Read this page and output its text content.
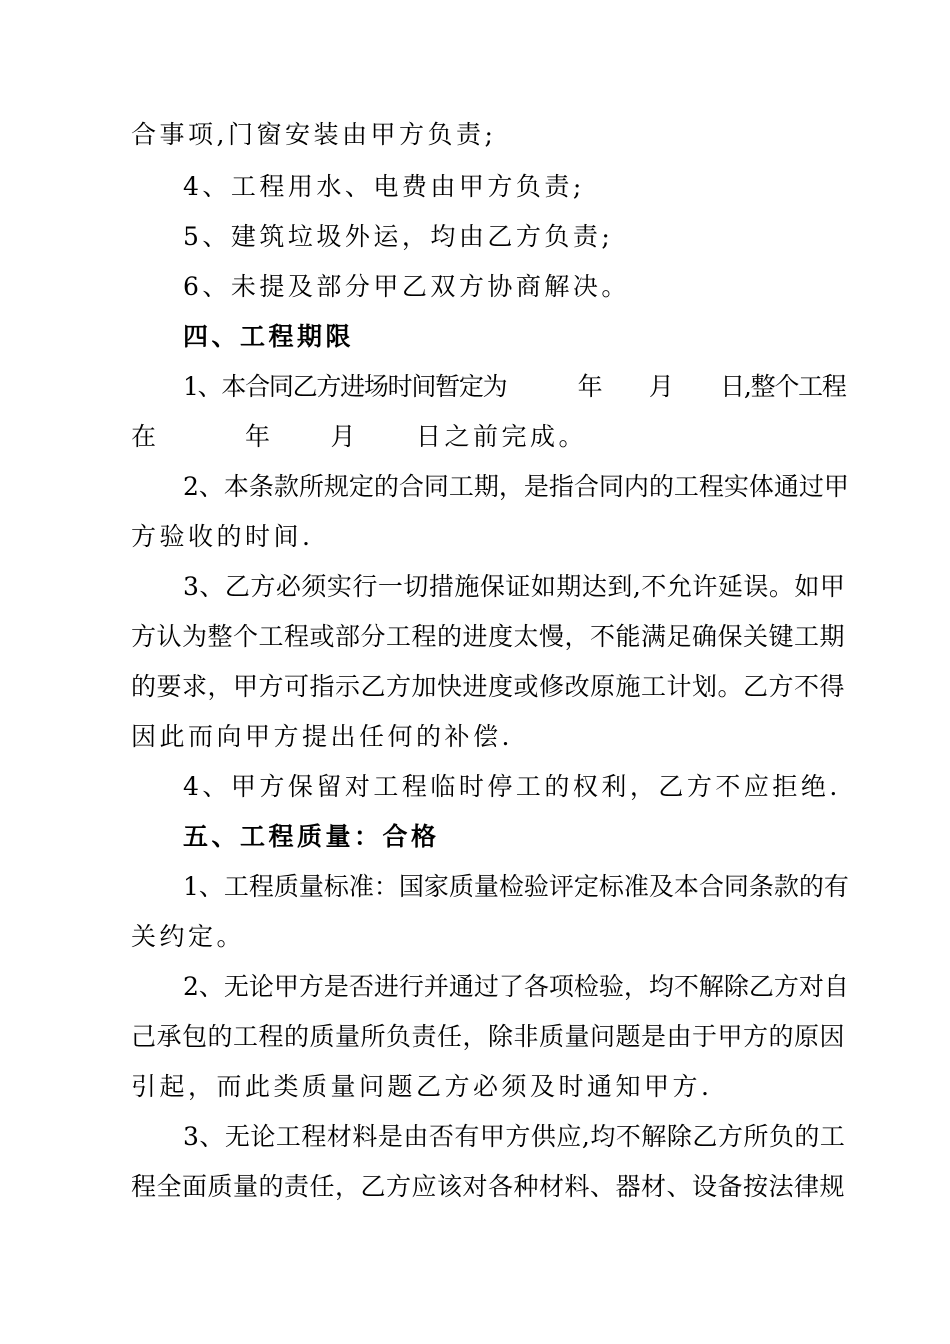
合事项,门窗安装由甲方负责;
4、工程用水、电费由甲方负责;
5、建筑垃圾外运，均由乙方负责;
6、未提及部分甲乙双方协商解决。
四、工程期限
1、本合同乙方进场时间暂定为　　　年　　月　　日,整个工程
在　　　年　　月　　日之前完成。
2、本条款所规定的合同工期，是指合同内的工程实体通过甲
方验收的时间.
3、乙方必须实行一切措施保证如期达到,不允许延误。如甲
方认为整个工程或部分工程的进度太慢，不能满足确保关键工期
的要求，甲方可指示乙方加快进度或修改原施工计划。乙方不得
因此而向甲方提出任何的补偿.
4、甲方保留对工程临时停工的权利，乙方不应拒绝.
五、工程质量：合格
1、工程质量标准：国家质量检验评定标准及本合同条款的有
关约定。
2、无论甲方是否进行并通过了各项检验，均不解除乙方对自
己承包的工程的质量所负责任，除非质量问题是由于甲方的原因
引起，而此类质量问题乙方必须及时通知甲方.
3、无论工程材料是由否有甲方供应,均不解除乙方所负的工
程全面质量的责任，乙方应该对各种材料、器材、设备按法律规
